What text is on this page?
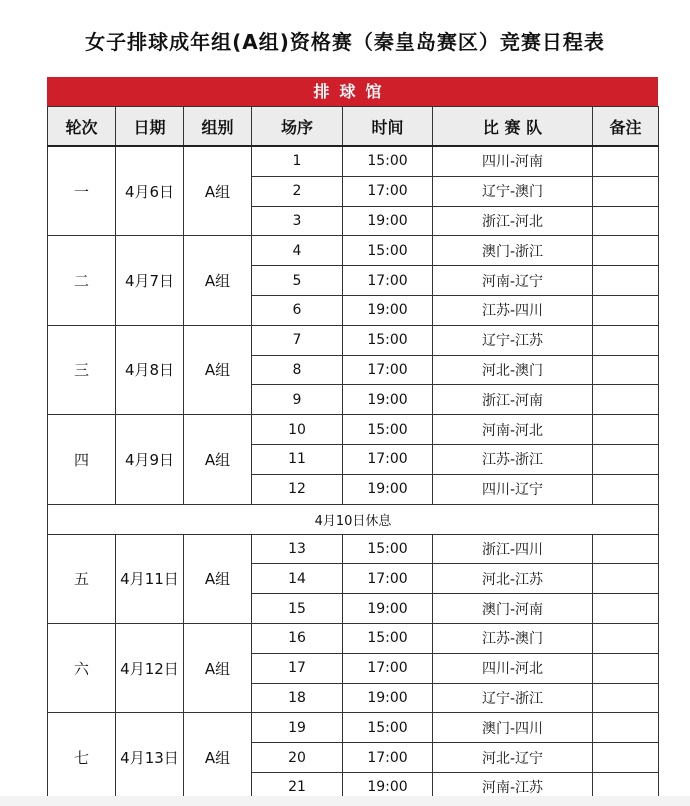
女子排球成年组(A组)资格赛（秦皇岛赛区）竞赛日程表
排球馆
轮次	日期	组别	场序	时间	比 赛 队	备注
一	4月6日	A组	1	15:00	四川-河南	
			2	17:00	辽宁-澳门	
			3	19:00	浙江-河北	
二	4月7日	A组	4	15:00	澳门-浙江	
			5	17:00	河南-辽宁	
			6	19:00	江苏-四川	
三	4月8日	A组	7	15:00	辽宁-江苏	
			8	17:00	河北-澳门	
			9	19:00	浙江-河南	
四	4月9日	A组	10	15:00	河南-河北	
			11	17:00	江苏-浙江	
			12	19:00	四川-辽宁	
4月10日休息						
五	4月11日	A组	13	15:00	浙江-四川	
			14	17:00	河北-江苏	
			15	19:00	澳门-河南	
六	4月12日	A组	16	15:00	江苏-澳门	
			17	17:00	四川-河北	
			18	19:00	辽宁-浙江	
七	4月13日	A组	19	15:00	澳门-四川	
			20	17:00	河北-辽宁	
			21	19:00	河南-江苏	
